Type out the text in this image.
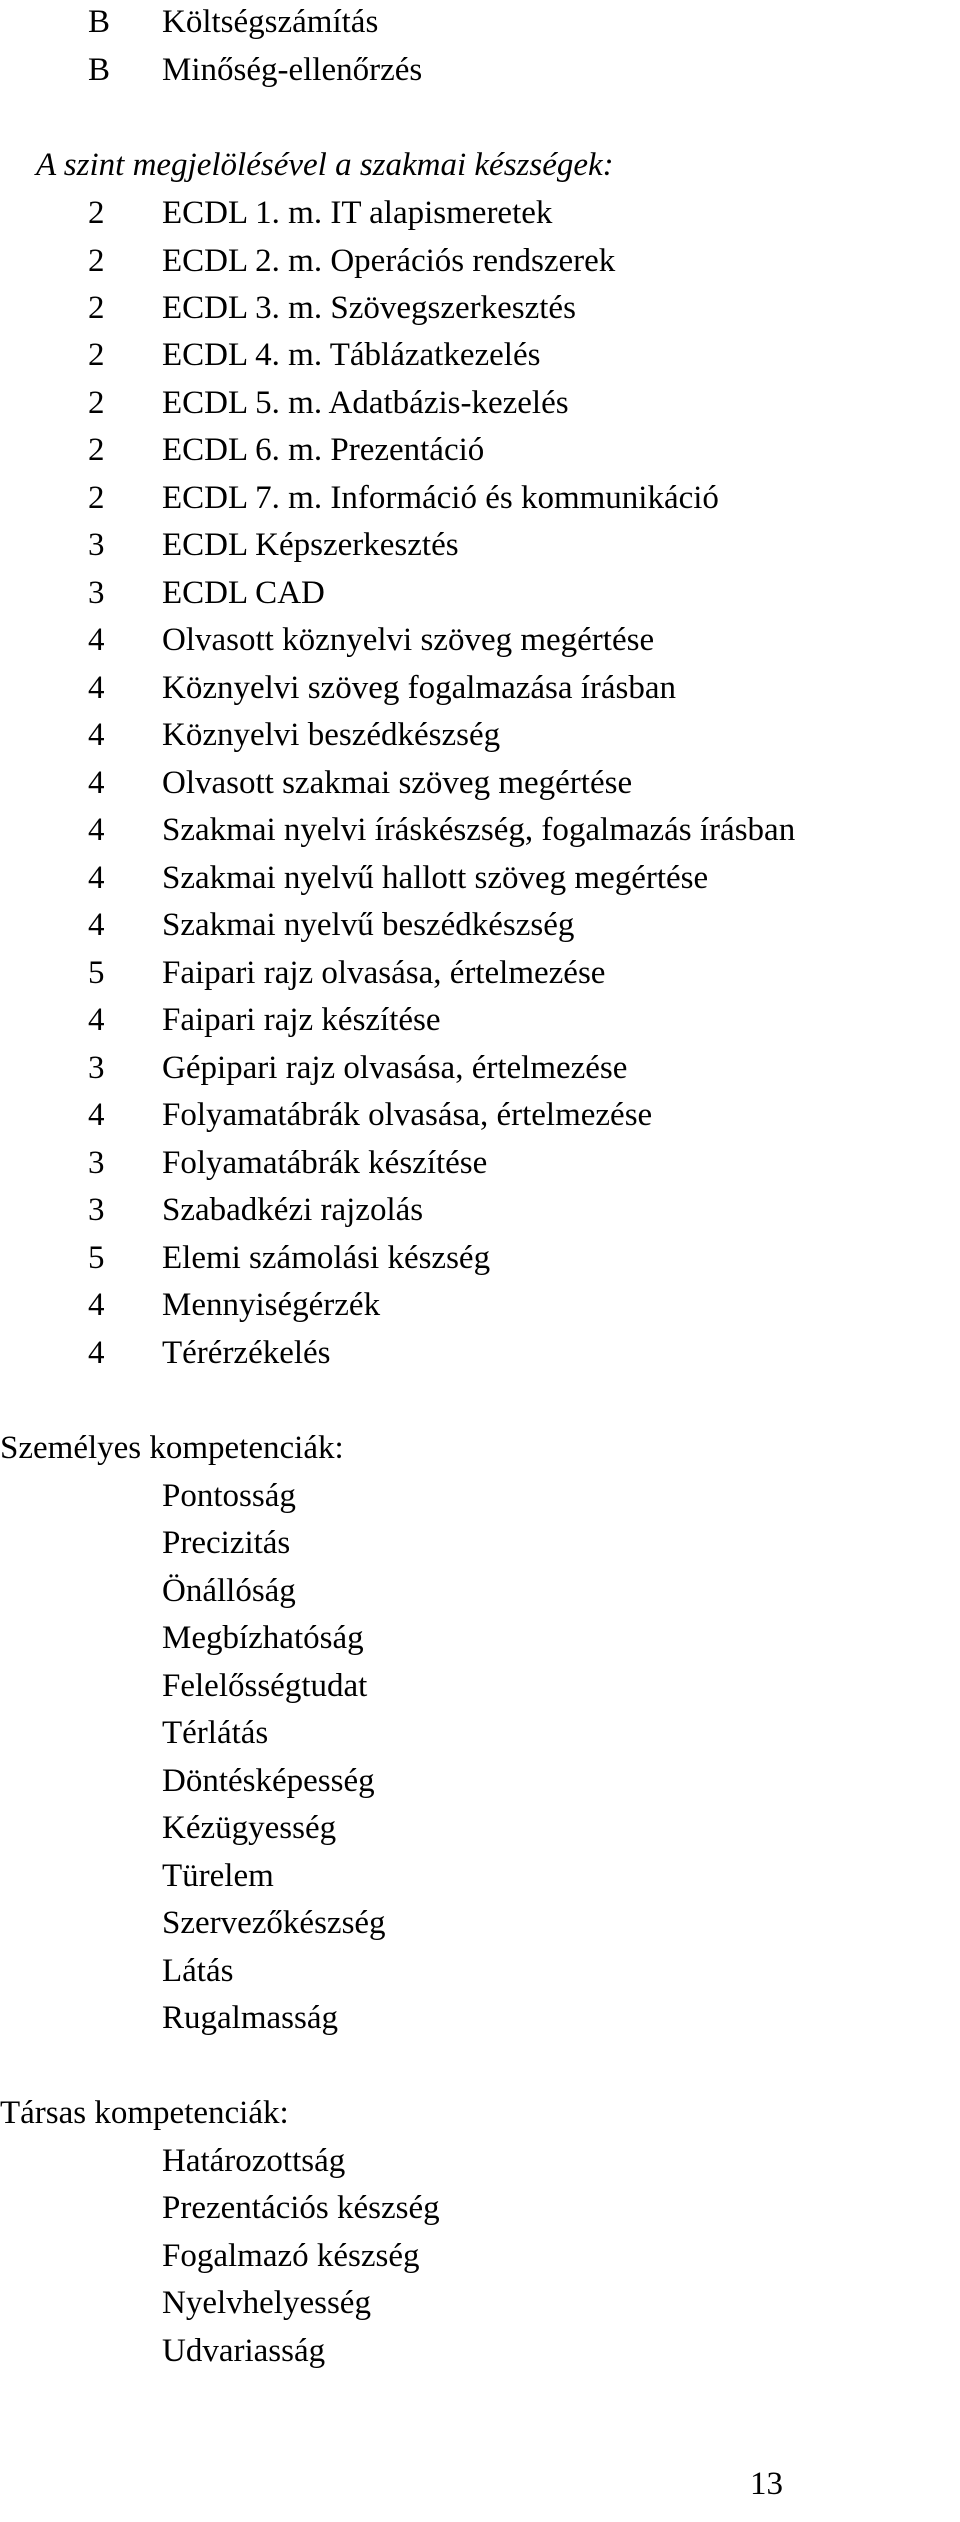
B Költségszámítás
B Minőség-ellenőrzés
A szint megjelölésével a szakmai készségek:
2 ECDL 1. m. IT alapismeretek
2 ECDL 2. m. Operációs rendszerek
2 ECDL 3. m. Szövegszerkesztés
2 ECDL 4. m. Táblázatkezelés
2 ECDL 5. m. Adatbázis-kezelés
2 ECDL 6. m. Prezentáció
2 ECDL 7. m. Információ és kommunikáció
3 ECDL Képszerkesztés
3 ECDL CAD
4 Olvasott köznyelvi szöveg megértése
4 Köznyelvi szöveg fogalmazása írásban
4 Köznyelvi beszédkészség
4 Olvasott szakmai szöveg megértése
4 Szakmai nyelvi íráskészség, fogalmazás írásban
4 Szakmai nyelvű hallott szöveg megértése
4 Szakmai nyelvű beszédkészség
5 Faipari rajz olvasása, értelmezése
4 Faipari rajz készítése
3 Gépipari rajz olvasása, értelmezése
4 Folyamatábrák olvasása, értelmezése
3 Folyamatábrák készítése
3 Szabadkézi rajzolás
5 Elemi számolási készség
4 Mennyiségérzék
4 Térérzékelés
Személyes kompetenciák:
Pontosság
Precizitás
Önállóság
Megbízhatóság
Felelősségtudat
Térlátás
Döntésképesség
Kézügyesség
Türelem
Szervezőkészség
Látás
Rugalmasság
Társas kompetenciák:
Határozottság
Prezentációs készség
Fogalmazó készség
Nyelvhelyesség
Udvariasság
13
